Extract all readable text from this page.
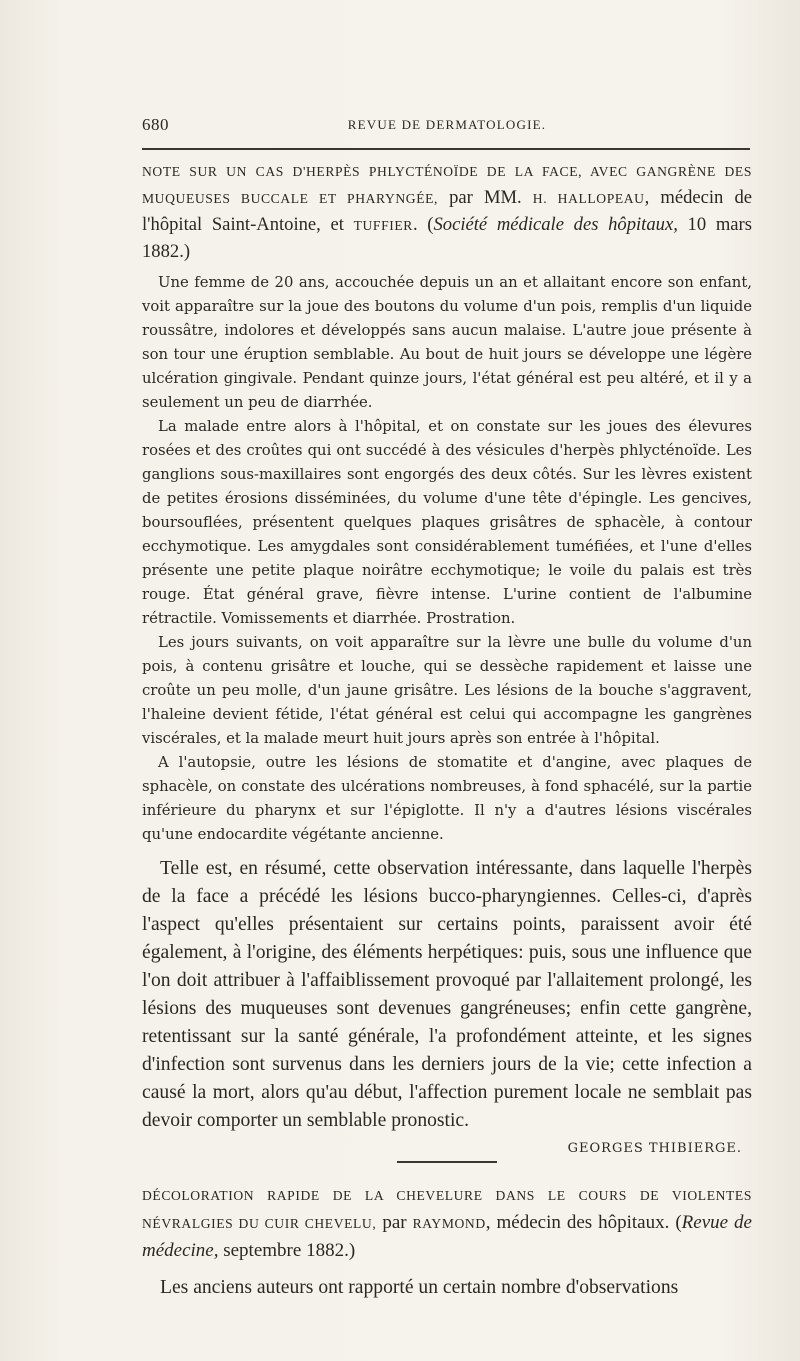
680	REVUE DE DERMATOLOGIE.
NOTE SUR UN CAS D'HERPÈS PHLYCTÉNOÏDE DE LA FACE, AVEC GANGRÈNE DES MUQUEUSES BUCCALE ET PHARYNGÉE, par MM. H. HALLOPEAU, médecin de l'hôpital Saint-Antoine, et TUFFIER. (Société médicale des hôpitaux, 10 mars 1882.)

Une femme de 20 ans, accouchée depuis un an et allaitant encore son enfant, voit apparaître sur la joue des boutons du volume d'un pois, remplis d'un liquide roussâtre, indolores et développés sans aucun malaise. L'autre joue présente à son tour une éruption semblable. Au bout de huit jours se développe une légère ulcération gingivale. Pendant quinze jours, l'état général est peu altéré, et il y a seulement un peu de diarrhée.

La malade entre alors à l'hôpital, et on constate sur les joues des élevures rosées et des croûtes qui ont succédé à des vésicules d'herpès phlycténoïde. Les ganglions sous-maxillaires sont engorgés des deux côtés. Sur les lèvres existent de petites érosions disséminées, du volume d'une tête d'épingle. Les gencives, boursouflées, présentent quelques plaques grisâtres de sphacèle, à contour ecchymotique. Les amygdales sont considérablement tuméfiées, et l'une d'elles présente une petite plaque noirâtre ecchymotique; le voile du palais est très rouge. État général grave, fièvre intense. L'urine contient de l'albumine rétractile. Vomissements et diarrhée. Prostration.

Les jours suivants, on voit apparaître sur la lèvre une bulle du volume d'un pois, à contenu grisâtre et louche, qui se dessèche rapidement et laisse une croûte un peu molle, d'un jaune grisâtre. Les lésions de la bouche s'aggravent, l'haleine devient fétide, l'état général est celui qui accompagne les gangrènes viscérales, et la malade meurt huit jours après son entrée à l'hôpital.

A l'autopsie, outre les lésions de stomatite et d'angine, avec plaques de sphacèle, on constate des ulcérations nombreuses, à fond sphacélé, sur la partie inférieure du pharynx et sur l'épiglotte. Il n'y a d'autres lésions viscérales qu'une endocardite végétante ancienne.

Telle est, en résumé, cette observation intéressante, dans laquelle l'herpès de la face a précédé les lésions bucco-pharyngiennes. Celles-ci, d'après l'aspect qu'elles présentaient sur certains points, paraissent avoir été également, à l'origine, des éléments herpétiques: puis, sous une influence que l'on doit attribuer à l'affaiblissement provoqué par l'allaitement prolongé, les lésions des muqueuses sont devenues gangréneuses; enfin cette gangrène, retentissant sur la santé générale, l'a profondément atteinte, et les signes d'infection sont survenus dans les derniers jours de la vie; cette infection a causé la mort, alors qu'au début, l'affection purement locale ne semblait pas devoir comporter un semblable pronostic.

GEORGES THIBIERGE.
DÉCOLORATION RAPIDE DE LA CHEVELURE DANS LE COURS DE VIOLENTES NÉVRALGIES DU CUIR CHEVELU, par RAYMOND, médecin des hôpitaux. (Revue de médecine, septembre 1882.)

Les anciens auteurs ont rapporté un certain nombre d'observations
